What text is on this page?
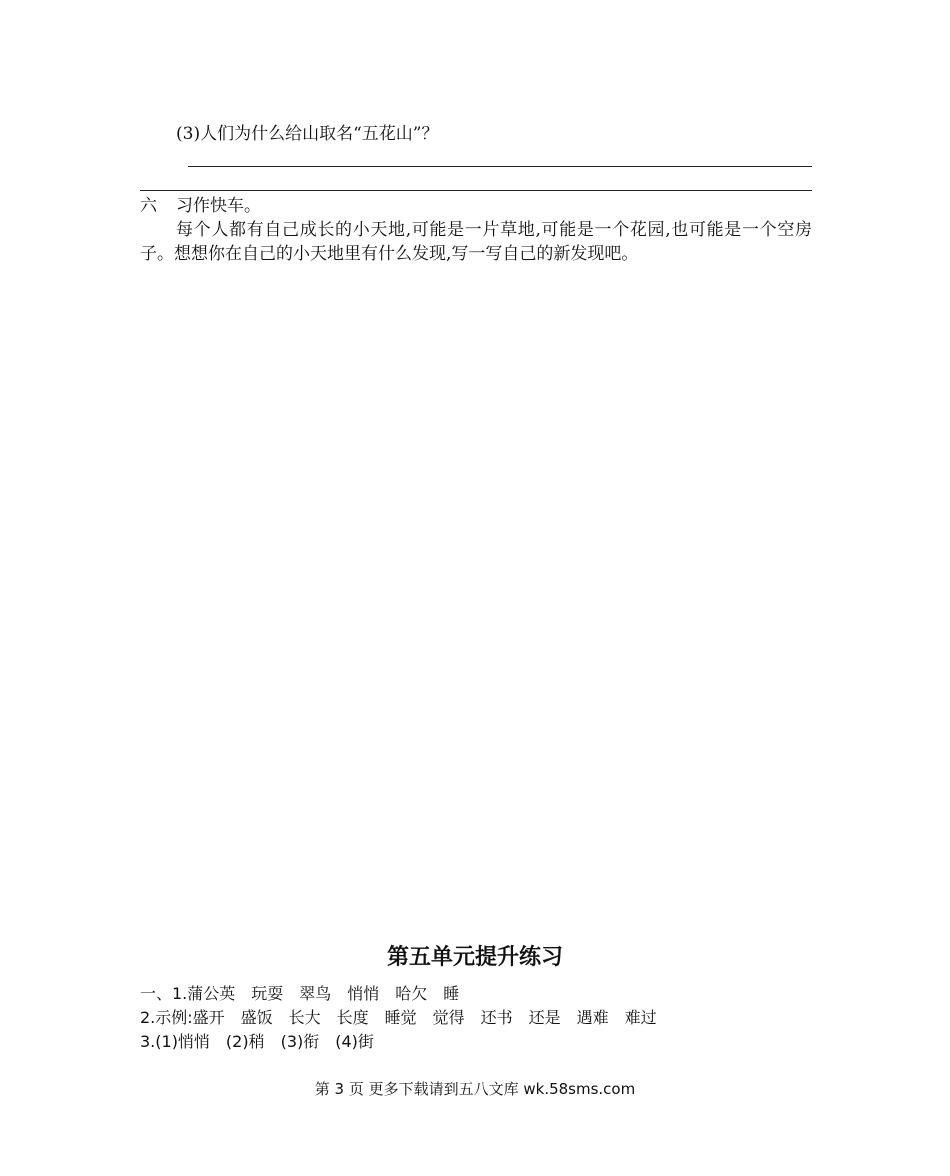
(3)人们为什么给山取名“五花山”？
六 习作快车。
每个人都有自己成长的小天地,可能是一片草地,可能是一个花园,也可能是一个空房子。想想你在自己的小天地里有什么发现,写一写自己的新发现吧。
第五单元提升练习
一、1.蒲公英　玩耍　翠鸟　悄悄　哈欠　睡
2.示例:盛开　盛饭　长大　长度　睡觉　觉得　还书　还是　遇难　难过
3.(1)悄悄　(2)稍　(3)衔　(4)街
第 3 页 更多下载请到五八文库 wk.58sms.com
